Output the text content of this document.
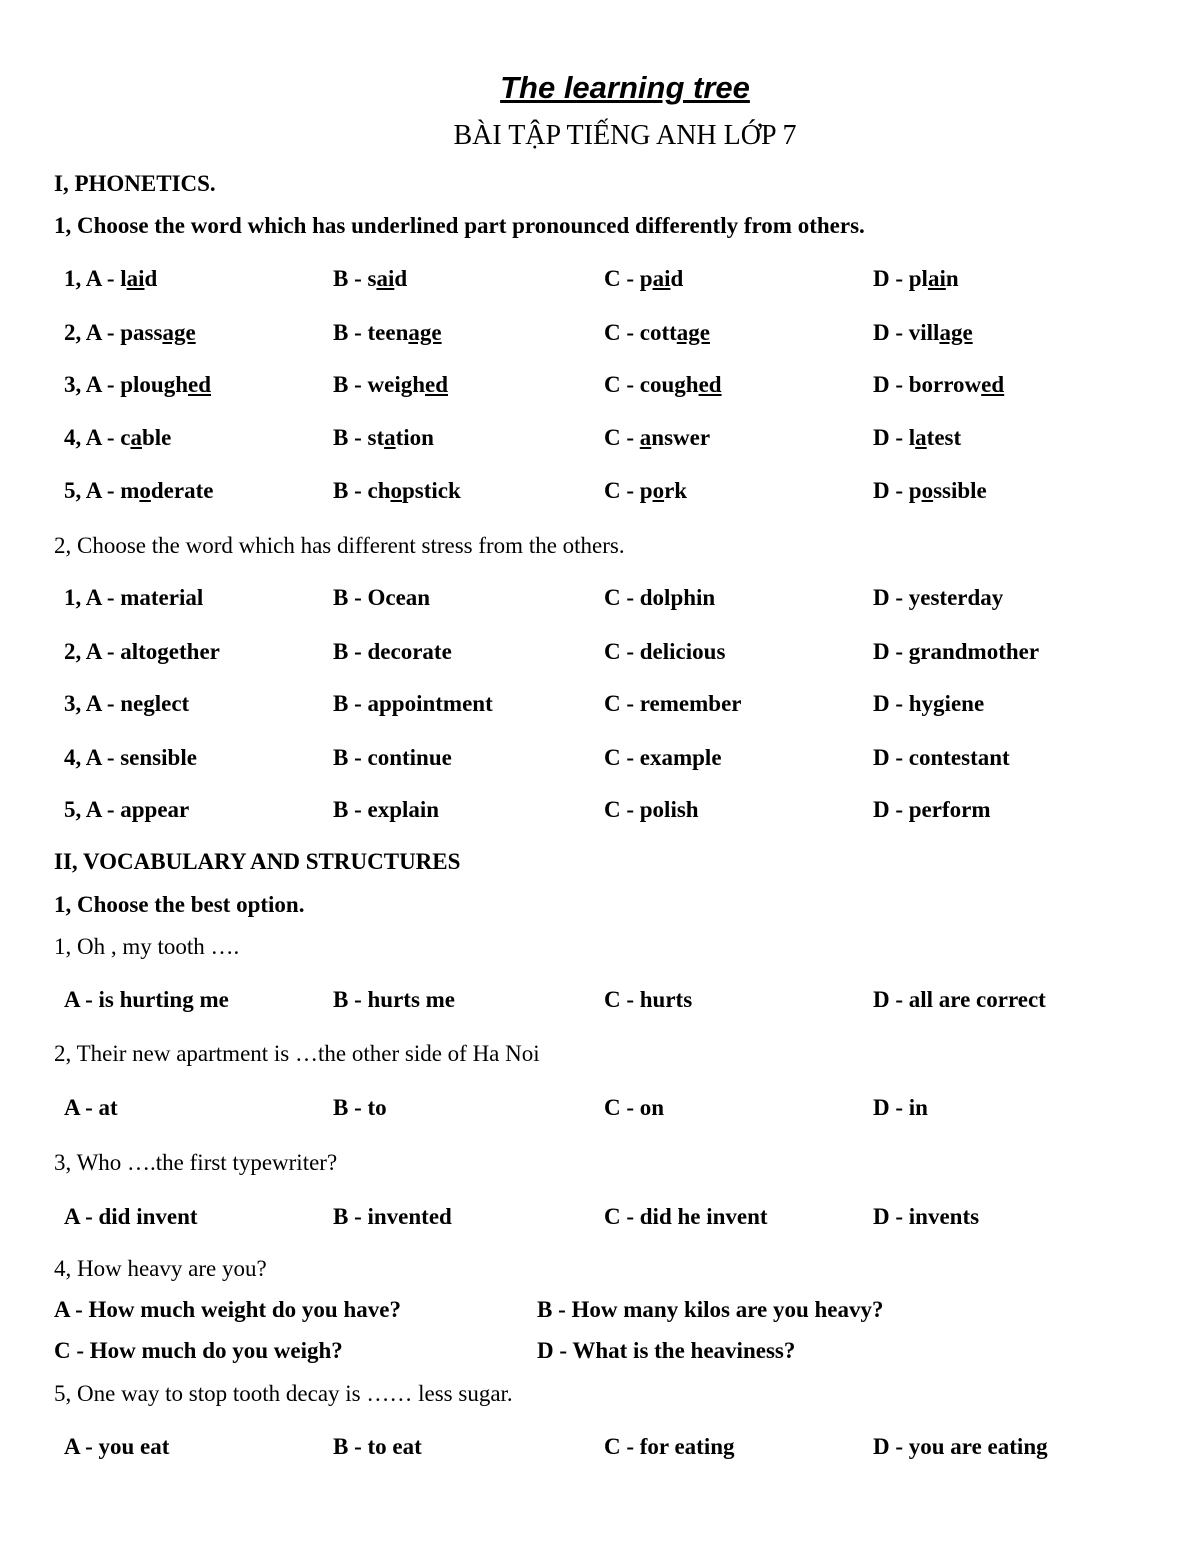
The learning tree
BÀI TẬP TIẾNG ANH LỚP 7
I, PHONETICS.
1, Choose the word which has underlined part pronounced differently from others.
1, A - laid	B - said	C - paid	D - plain
2, A - passage	B - teenage	C - cottage	D - village
3, A - ploughed	B - weighed	C - coughed	D - borrowed
4, A - cable	B - station	C - answer	D - latest
5, A - moderate	B - chopstick	C - pork	D - possible
2, Choose the word which has different stress from the others.
1, A - material	B - Ocean	C - dolphin	D - yesterday
2, A - altogether	B - decorate	C - delicious	D - grandmother
3, A - neglect	B - appointment	C - remember	D - hygiene
4, A - sensible	B - continue	C - example	D - contestant
5, A - appear	B - explain	C - polish	D - perform
II, VOCABULARY AND STRUCTURES
1, Choose the best option.
1, Oh , my tooth ….
A - is hurting me	B - hurts me	C - hurts	D - all are correct
2, Their new apartment is …the other side of Ha Noi
A - at	B - to	C - on	D - in
3, Who ….the first typewriter?
A - did invent	B - invented	C - did he invent	D - invents
4, How heavy are you?
A - How much weight do you have?	B - How many kilos are you heavy?
C - How much do you weigh?	D - What is the heaviness?
5, One way to stop tooth decay is …… less sugar.
A - you eat	B - to eat	C - for eating	D - you are eating
